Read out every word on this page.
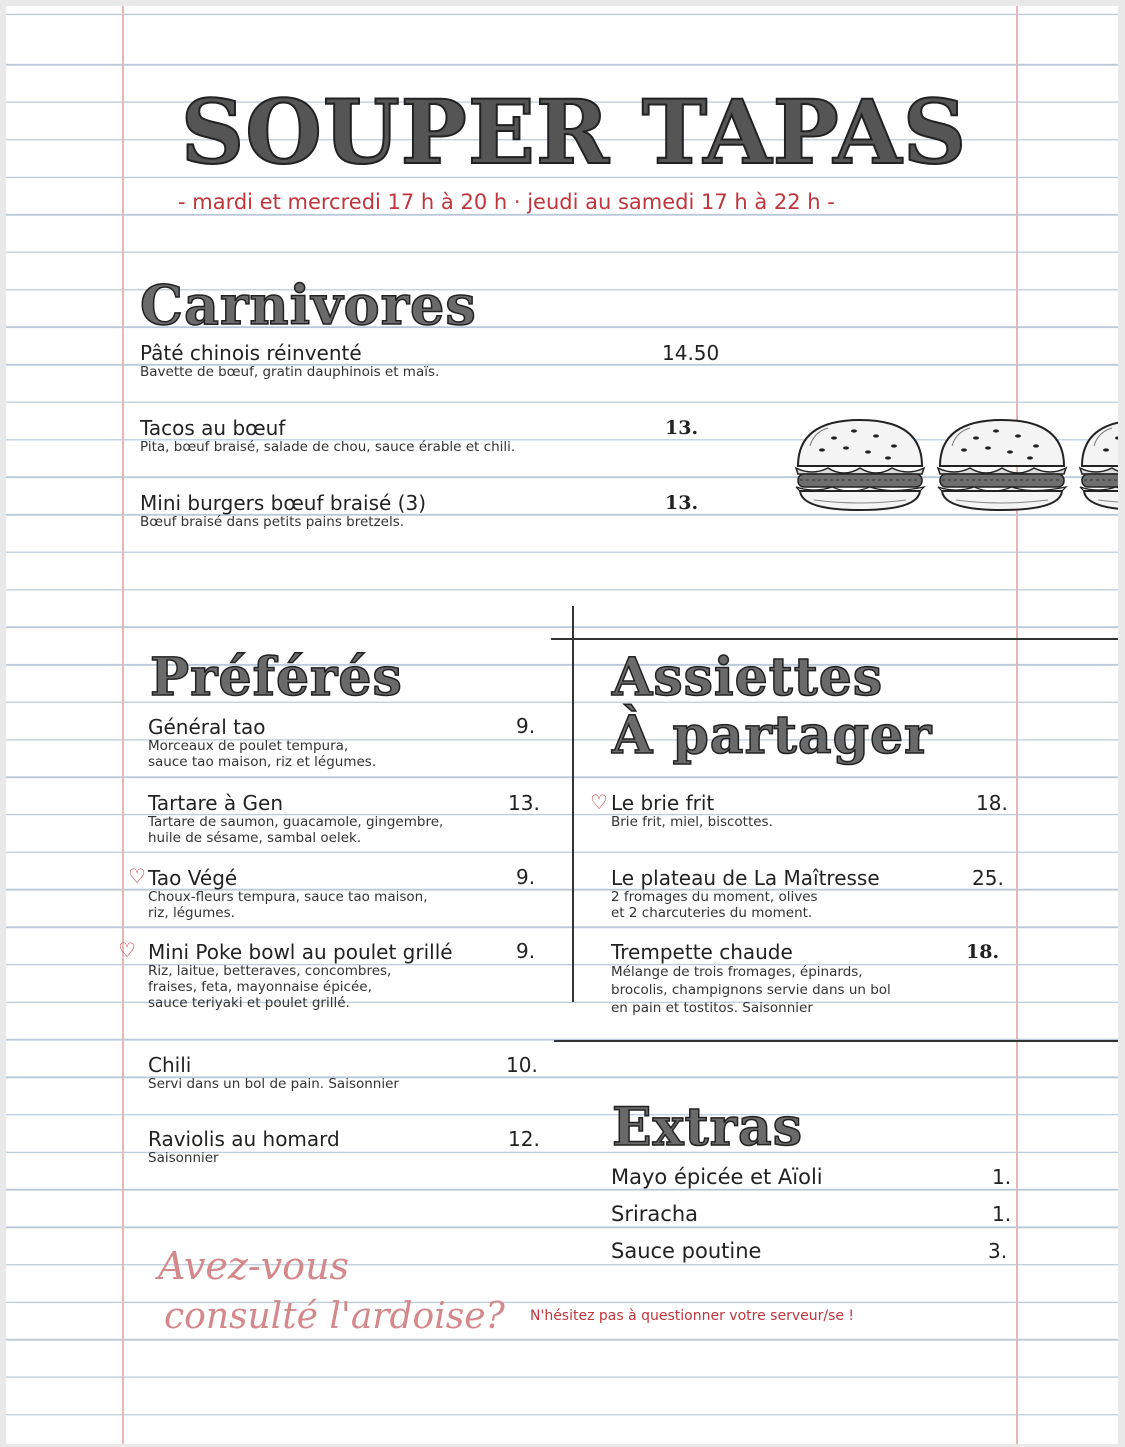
SOUPER TAPAS
- mardi et mercredi 17 h à 20 h · jeudi au samedi 17 h à 22 h -
Carnivores
Pâté chinois réinventé
Bavette de bœuf, gratin dauphinois et maïs.
14.50
Tacos au bœuf
Pita, bœuf braisé, salade de chou, sauce érable et chili.
13.
Mini burgers bœuf braisé (3)
Bœuf braisé dans petits pains bretzels.
13.
Préférés
Général tao
Morceaux de poulet tempura,
sauce tao maison, riz et légumes.
9.
Tartare à Gen
Tartare de saumon, guacamole, gingembre,
huile de sésame, sambal oelek.
13.
♡ Tao Végé
Choux-fleurs tempura, sauce tao maison,
riz, légumes.
9.
♡ Mini Poke bowl au poulet grillé
Riz, laitue, betteraves, concombres,
fraises, feta, mayonnaise épicée,
sauce teriyaki et poulet grillé.
9.
Chili
Servi dans un bol de pain. Saisonnier
10.
Raviolis au homard
Saisonnier
12.
Assiettes
À partager
♡ Le brie frit
Brie frit, miel, biscottes.
18.
Le plateau de La Maîtresse
2 fromages du moment, olives
et 2 charcuteries du moment.
25.
Trempette chaude
Mélange de trois fromages, épinards,
brocolis, champignons servie dans un bol
en pain et tostitos. Saisonnier
18.
Extras
Mayo épicée et Aïoli	1.
Sriracha	1.
Sauce poutine	3.
Avez-vous
consulté l'ardoise? N'hésitez pas à questionner votre serveur/se !
